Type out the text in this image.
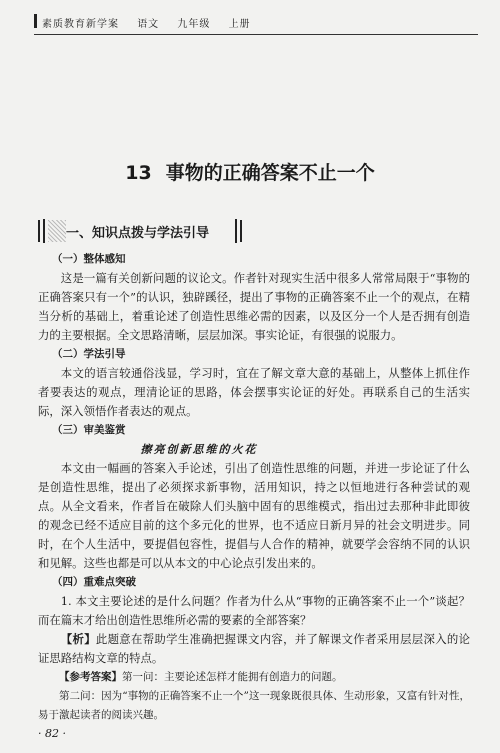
素质教育新学案 语文 九年级 上册
13 事物的正确答案不止一个
一、知识点拨与学法引导

（一）整体感知

这是一篇有关创新问题的议论文。作者针对现实生活中很多人常常局限于“事物的正确答案只有一个”的认识，独辟蹊径，提出了事物的正确答案不止一个的观点，在精当分析的基础上，着重论述了创造性思维必需的因素，以及区分一个人是否拥有创造力的主要根据。全文思路清晰，层层加深。事实论证，有很强的说服力。

（二）学法引导

本文的语言较通俗浅显，学习时，宜在了解文章大意的基础上，从整体上抓住作者要表达的观点，理清论证的思路，体会摆事实论证的好处。再联系自己的生活实际，深入领悟作者表达的观点。

（三）审美鉴赏

擦亮创新思维的火花

本文由一幅画的答案入手论述，引出了创造性思维的问题，并进一步论证了什么是创造性思维，提出了必须探求新事物，活用知识，持之以恒地进行各种尝试的观点。从全文看来，作者旨在破除人们头脑中固有的思维模式，指出过去那种非此即彼的观念已经不适应目前的这个多元化的世界，也不适应日新月异的社会文明进步。同时，在个人生活中，要提倡包容性，提倡与人合作的精神，就要学会容纳不同的认识和见解。这些也都是可以从本文的中心论点引发出来的。

（四）重难点突破

1. 本文主要论述的是什么问题？作者为什么从“事物的正确答案不止一个”谈起？而在篇末才给出创造性思维所必需的要素的全部答案？

【析】此题意在帮助学生准确把握课文内容，并了解课文作者采用层层深入的论证思路结构文章的特点。

【参考答案】第一问：主要论述怎样才能拥有创造力的问题。

第二问：因为“事物的正确答案不止一个”这一现象既很具体、生动形象，又富有针对性，易于激起读者的阅读兴趣。

· 82 ·
